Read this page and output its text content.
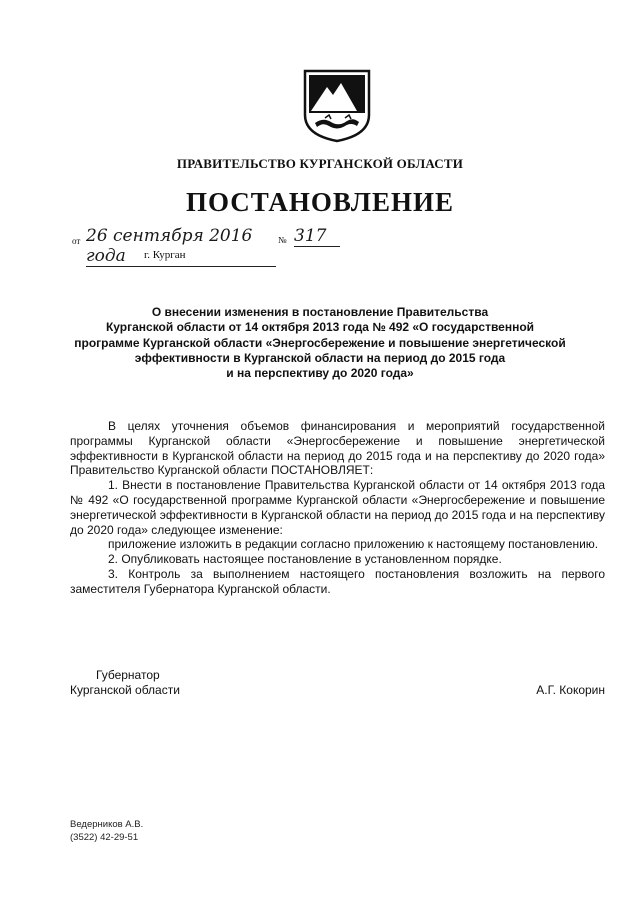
ПРАВИТЕЛЬСТВО КУРГАНСКОЙ ОБЛАСТИ
ПОСТАНОВЛЕНИЕ
от 26 сентября 2016 года
№ 317
г. Курган
О внесении изменения в постановление Правительства
Курганской области от 14 октября 2013 года № 492 «О государственной
программе Курганской области «Энергосбережение и повышение энергетической
эффективности в Курганской области на период до 2015 года
и на перспективу до 2020 года»

В целях уточнения объемов финансирования и мероприятий государственной программы Курганской области «Энергосбережение и повышение энергетической эффективности в Курганской области на период до 2015 года и на перспективу до 2020 года» Правительство Курганской области ПОСТАНОВЛЯЕТ:

1. Внести в постановление Правительства Курганской области от 14 октября 2013 года № 492 «О государственной программе Курганской области «Энергосбережение и повышение энергетической эффективности в Курганской области на период до 2015 года и на перспективу до 2020 года» следующее изменение:

приложение изложить в редакции согласно приложению к настоящему постановлению.

2. Опубликовать настоящее постановление в установленном порядке.

3. Контроль за выполнением настоящего постановления возложить на первого заместителя Губернатора Курганской области.

Губернатор
Курганской области	А.Г. Кокорин
Ведерников А.В.
(3522) 42-29-51
